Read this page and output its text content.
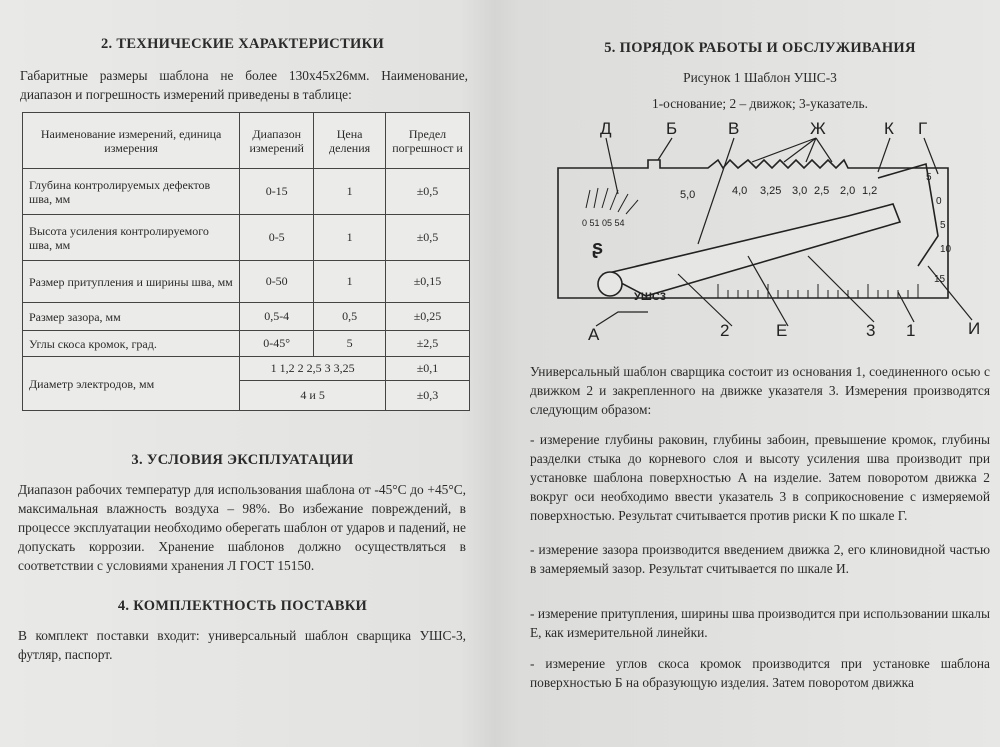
2. ТЕХНИЧЕСКИЕ ХАРАКТЕРИСТИКИ

Габаритные размеры шаблона не более 130х45х26мм. Наименование, диапазон и погрешность измерений приведены в таблице:

Наименование измерений, единица измерения	Диапазон измерений	Цена деления	Предел погрешност и
Глубина контролируемых дефектов шва, мм	0-15	1	±0,5
Высота усиления контролируемого шва, мм	0-5	1	±0,5
Размер притупления и ширины шва, мм	0-50	1	±0,15
Размер зазора, мм	0,5-4	0,5	±0,25
Углы скоса кромок, град.	0-45°	5	±2,5
Диаметр электродов, мм	1 1,2 2 2,5 3 3,25		±0,1
	4 и 5		±0,3
3. УСЛОВИЯ ЭКСПЛУАТАЦИИ

Диапазон рабочих температур для использования шаблона от -45°С до +45°С, максимальная влажность воздуха – 98%. Во избежание повреждений, в процессе эксплуатации необходимо оберегать шаблон от ударов и падений, не допускать коррозии. Хранение шаблонов должно осуществляться в соответствии с условиями хранения Л ГОСТ 15150.

4. КОМПЛЕКТНОСТЬ ПОСТАВКИ

В комплект поставки входит: универсальный шаблон сварщика УШС-3, футляр, паспорт.

5. ПОРЯДОК РАБОТЫ И ОБСЛУЖИВАНИЯ

Рисунок 1 Шаблон УШС-3

1-основание; 2 – движок; 3-указатель.

Универсальный шаблон сварщика состоит из основания 1, соединенного осью с движком 2 и закрепленного на движке указателя 3. Измерения производятся следующим образом:

- измерение глубины раковин, глубины забоин, превышение кромок, глубины разделки стыка до корневого слоя и высоту усиления шва производит при установке шаблона поверхностью А на изделие. Затем поворотом движка 2 вокруг оси необходимо ввести указатель 3 в соприкосновение с измеряемой поверхностью. Результат считывается против риски К по шкале Г.

- измерение зазора производится введением движка 2, его клиновидной частью в замеряемый зазор. Результат считывается по шкале И.

- измерение притупления, ширины шва производится при использовании шкалы Е, как измерительной линейки.

- измерение углов скоса кромок производится при установке шаблона поверхностью Б на образующую изделия. Затем поворотом движка

5,0	4,0 3,25 3,0 2,5 2,0 1,2
0 51 05 54
ʂ
УШС3
5
0
5
10
15
Д	Б	В	Ж	К Г
А	2	Е	3 1	И
